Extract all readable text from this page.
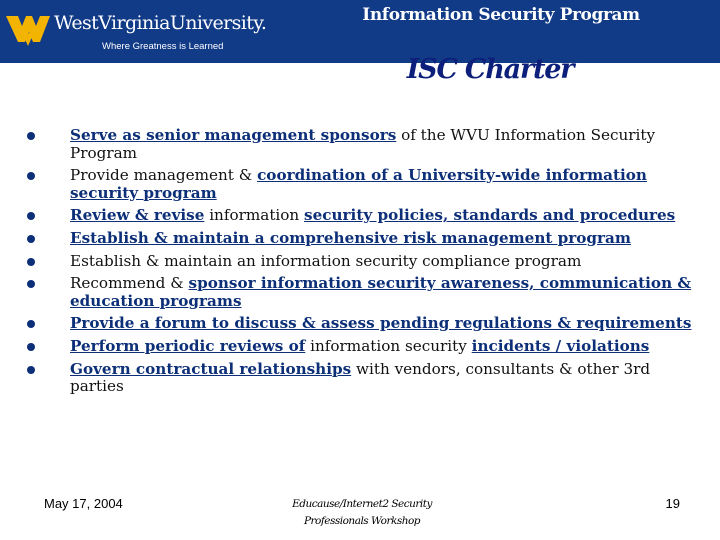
WestVirginiaUniversity.
Where Greatness is Learned
Information Security Program
ISC Charter
Serve as senior management sponsors of the WVU Information Security Program
Provide management & coordination of a University-wide information security program
Review & revise information security policies, standards and procedures
Establish & maintain a comprehensive risk management program
Establish & maintain an information security compliance program
Recommend & sponsor information security awareness, communication & education programs
Provide a forum to discuss & assess pending regulations & requirements
Perform periodic reviews of information security incidents / violations
Govern contractual relationships with vendors, consultants & other 3rd parties
May 17, 2004	Educause/Internet2 Security
Professionals Workshop
19
